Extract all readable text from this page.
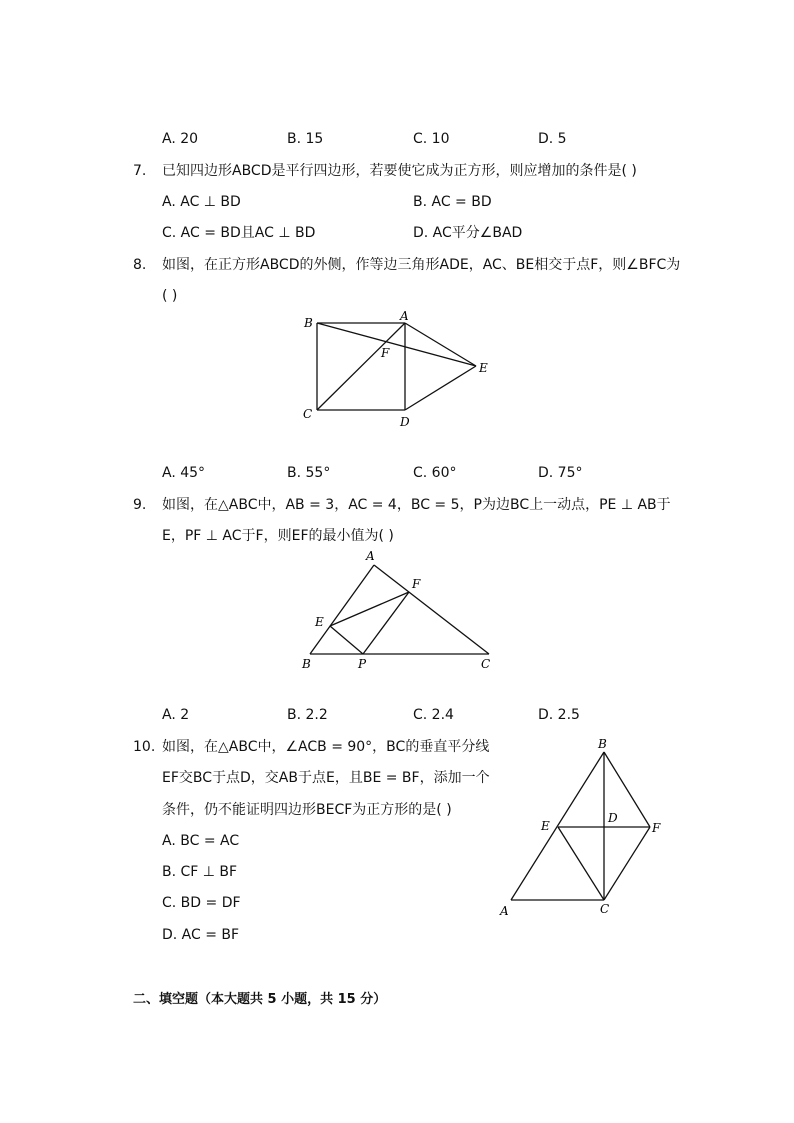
A. 20	B. 15	C. 10	D. 5
7. 已知四边形ABCD是平行四边形，若要使它成为正方形，则应增加的条件是( )
A. AC ⊥ BD	B. AC = BD
C. AC = BD且AC ⊥ BD	D. AC平分∠BAD
8. 如图，在正方形ABCD的外侧，作等边三角形ADE，AC、BE相交于点F，则∠BFC为
( )
B	A
F
E
C
D
A. 45°	B. 55°	C. 60°	D. 75°
9. 如图，在△ABC中，AB = 3，AC = 4，BC = 5，P为边BC上一动点，PE ⊥ AB于
E，PF ⊥ AC于F，则EF的最小值为( )
A
F
E
B	P	C
A. 2	B. 2.2	C. 2.4	D. 2.5
10. 如图，在△ABC中，∠ACB = 90°，BC的垂直平分线
EF交BC于点D，交AB于点E，且BE = BF，添加一个
条件，仍不能证明四边形BECF为正方形的是( )
A. BC = AC
B. CF ⊥ BF
C. BD = DF
D. AC = BF
B
D
E	F
A	C
二、填空题（本大题共 5 小题，共 15 分）
